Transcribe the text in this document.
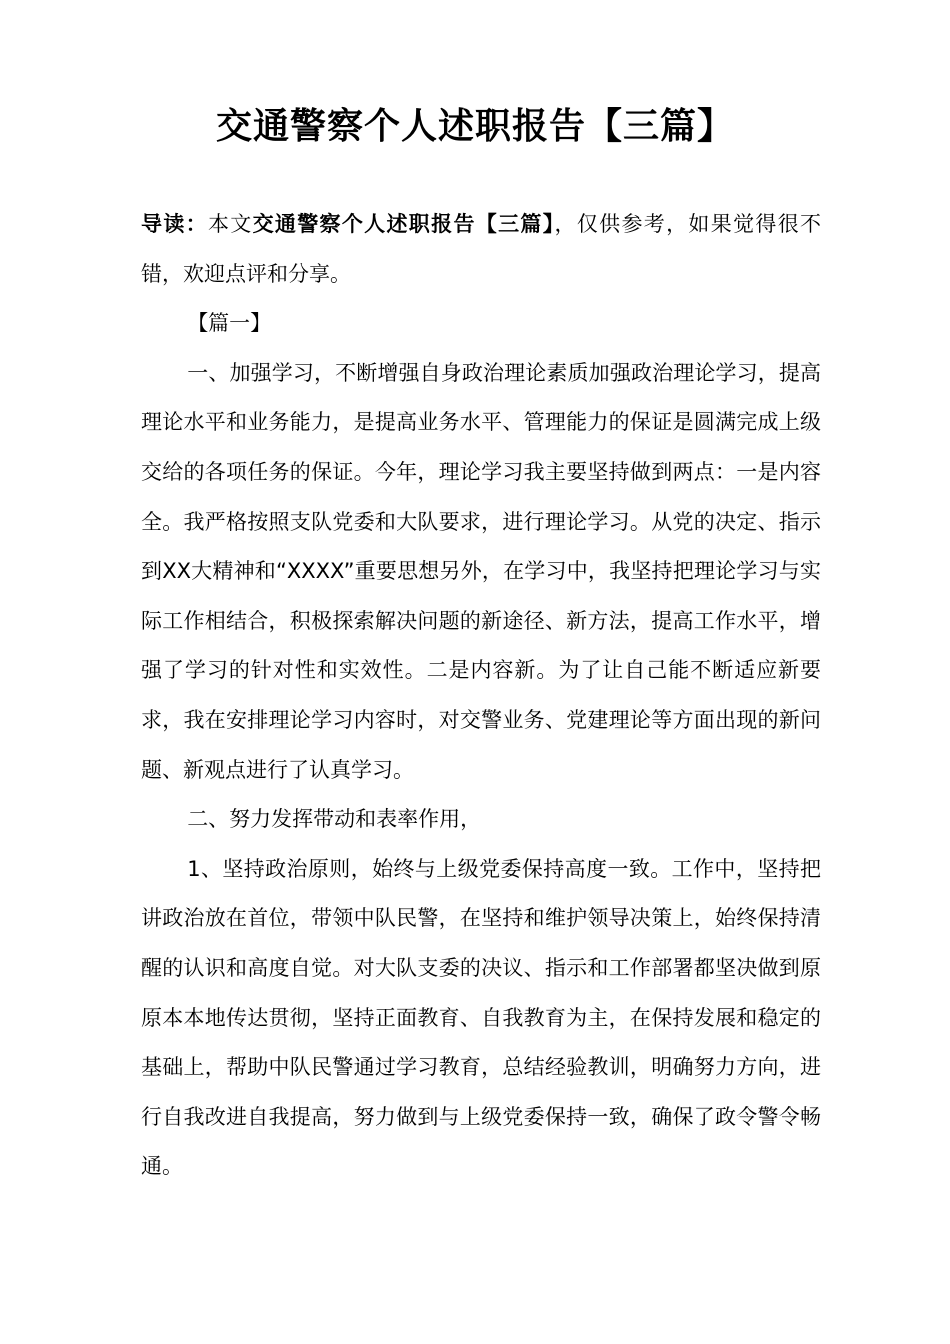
交通警察个人述职报告【三篇】

导读：本文交通警察个人述职报告【三篇】，仅供参考，如果觉得很不错，欢迎点评和分享。

【篇一】

一、加强学习，不断增强自身政治理论素质加强政治理论学习，提高理论水平和业务能力，是提高业务水平、管理能力的保证是圆满完成上级交给的各项任务的保证。今年，理论学习我主要坚持做到两点：一是内容全。我严格按照支队党委和大队要求，进行理论学习。从党的决定、指示到XX大精神和“XXXX”重要思想另外，在学习中，我坚持把理论学习与实际工作相结合，积极探索解决问题的新途径、新方法，提高工作水平，增强了学习的针对性和实效性。二是内容新。为了让自己能不断适应新要求，我在安排理论学习内容时，对交警业务、党建理论等方面出现的新问题、新观点进行了认真学习。

二、努力发挥带动和表率作用，

1、坚持政治原则，始终与上级党委保持高度一致。工作中，坚持把讲政治放在首位，带领中队民警，在坚持和维护领导决策上，始终保持清醒的认识和高度自觉。对大队支委的决议、指示和工作部署都坚决做到原原本本地传达贯彻，坚持正面教育、自我教育为主，在保持发展和稳定的基础上，帮助中队民警通过学习教育，总结经验教训，明确努力方向，进行自我改进自我提高，努力做到与上级党委保持一致，确保了政令警令畅通。
